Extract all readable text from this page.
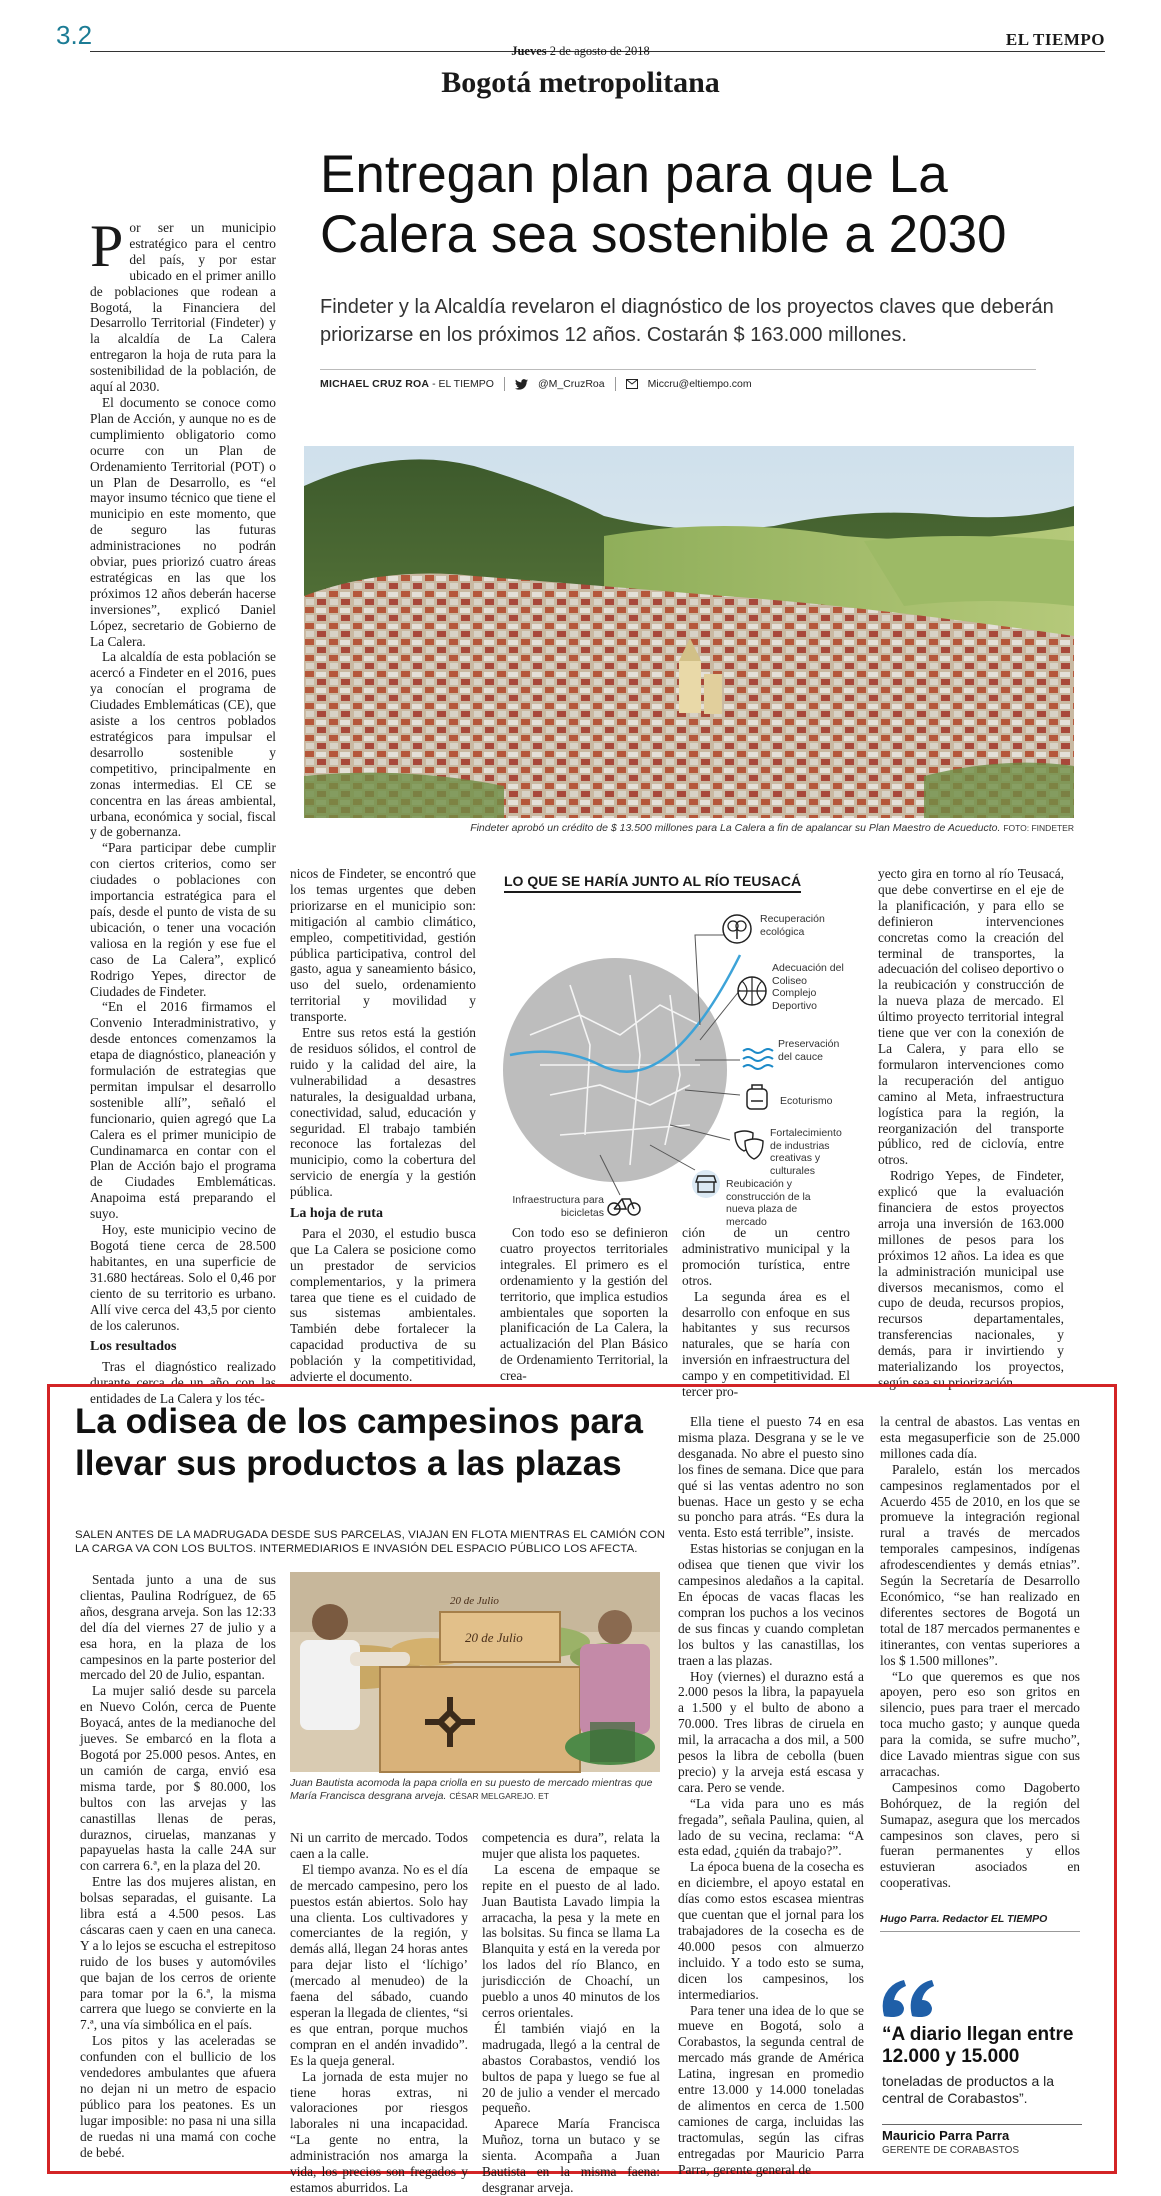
3.2
Jueves 2 de agosto de 2018
EL TIEMPO
Bogotá metropolitana
Entregan plan para que La Calera sea sostenible a 2030
Findeter y la Alcaldía revelaron el diagnóstico de los proyectos claves que deberán priorizarse en los próximos 12 años. Costarán $ 163.000 millones.
MICHAEL CRUZ ROA - EL TIEMPO	@M_CruzRoa	Miccru@eltiempo.com
Findeter aprobó un crédito de $ 13.500 millones para La Calera a fin de apalancar su Plan Maestro de Acueducto. FOTO: FINDETER

Por ser un municipio estratégico para el centro del país, y por estar ubicado en el primer anillo de poblaciones que rodean a Bogotá, la Financiera del Desarrollo Territorial (Findeter) y la alcaldía de La Calera entregaron la hoja de ruta para la sostenibilidad de la población, de aquí al 2030.

El documento se conoce como Plan de Acción, y aunque no es de cumplimiento obligatorio como ocurre con un Plan de Ordenamiento Territorial (POT) o un Plan de Desarrollo, es “el mayor insumo técnico que tiene el municipio en este momento, que de seguro las futuras administraciones no podrán obviar, pues priorizó cuatro áreas estratégicas en las que los próximos 12 años deberán hacerse inversiones”, explicó Daniel López, secretario de Gobierno de La Calera.

La alcaldía de esta población se acercó a Findeter en el 2016, pues ya conocían el programa de Ciudades Emblemáticas (CE), que asiste a los centros poblados estratégicos para impulsar el desarrollo sostenible y competitivo, principalmente en zonas intermedias. El CE se concentra en las áreas ambiental, urbana, económica y social, fiscal y de gobernanza.

“Para participar debe cumplir con ciertos criterios, como ser ciudades o poblaciones con importancia estratégica para el país, desde el punto de vista de su ubicación, o tener una vocación valiosa en la región y ese fue el caso de La Calera”, explicó Rodrigo Yepes, director de Ciudades de Findeter.

“En el 2016 firmamos el Convenio Interadministrativo, y desde entonces comenzamos la etapa de diagnóstico, planeación y formulación de estrategias que permitan impulsar el desarrollo sostenible allí”, señaló el funcionario, quien agregó que La Calera es el primer municipio de Cundinamarca en contar con el Plan de Acción bajo el programa de Ciudades Emblemáticas. Anapoima está preparando el suyo.

Hoy, este municipio vecino de Bogotá tiene cerca de 28.500 habitantes, en una superficie de 31.680 hectáreas. Solo el 0,46 por ciento de su territorio es urbano. Allí vive cerca del 43,5 por ciento de los calerunos.

Los resultados

Tras el diagnóstico realizado durante cerca de un año con las entidades de La Calera y los téc-

nicos de Findeter, se encontró que los temas urgentes que deben priorizarse en el municipio son: mitigación al cambio climático, empleo, competitividad, gestión pública participativa, control del gasto, agua y saneamiento básico, uso del suelo, ordenamiento territorial y movilidad y transporte.

Entre sus retos está la gestión de residuos sólidos, el control de ruido y la calidad del aire, la vulnerabilidad a desastres naturales, la desigualdad urbana, conectividad, salud, educación y seguridad. El trabajo también reconoce las fortalezas del municipio, como la cobertura del servicio de energía y la gestión pública.

La hoja de ruta

Para el 2030, el estudio busca que La Calera se posicione como un prestador de servicios complementarios, y la primera tarea que tiene es el cuidado de sus sistemas ambientales. También debe fortalecer la capacidad productiva de su población y la competitividad, advierte el documento.

LO QUE SE HARÍA JUNTO AL RÍO TEUSACÁ
Recuperación ecológica
Adecuación del Coliseo Complejo Deportivo
Preservación del cauce
Ecoturismo
Fortalecimiento de industrias creativas y culturales
Reubicación y construcción de la nueva plaza de mercado
Infraestructura para bicicletas

Con todo eso se definieron cuatro proyectos territoriales integrales. El primero es el ordenamiento y la gestión del territorio, que implica estudios ambientales que soporten la planificación de La Calera, la actualización del Plan Básico de Ordenamiento Territorial, la crea-

ción de un centro administrativo municipal y la promoción turística, entre otros.

La segunda área es el desarrollo con enfoque en sus habitantes y sus recursos naturales, que se haría con inversión en infraestructura del campo y en competitividad. El tercer pro-

yecto gira en torno al río Teusacá, que debe convertirse en el eje de la planificación, y para ello se definieron intervenciones concretas como la creación del terminal de transportes, la adecuación del coliseo deportivo o la reubicación y construcción de la nueva plaza de mercado. El último proyecto territorial integral tiene que ver con la conexión de La Calera, y para ello se formularon intervenciones como la recuperación del antiguo camino al Meta, infraestructura logística para la región, la reorganización del transporte público, red de ciclovía, entre otros.

Rodrigo Yepes, de Findeter, explicó que la evaluación financiera de estos proyectos arroja una inversión de 163.000 millones de pesos para los próximos 12 años. La idea es que la administración municipal use diversos mecanismos, como el cupo de deuda, recursos propios, recursos departamentales, transferencias nacionales, y demás, para ir invirtiendo y materializando los proyectos, según sea su priorización.

La odisea de los campesinos para llevar sus productos a las plazas
SALEN ANTES DE LA MADRUGADA DESDE SUS PARCELAS, VIAJAN EN FLOTA MIENTRAS EL CAMIÓN CON LA CARGA VA CON LOS BULTOS. INTERMEDIARIOS E INVASIÓN DEL ESPACIO PÚBLICO LOS AFECTA.
20 de Julio
20 de Julio
Juan Bautista acomoda la papa criolla en su puesto de mercado mientras que María Francisca desgrana arveja. CÉSAR MELGAREJO. ET

Sentada junto a una de sus clientas, Paulina Rodríguez, de 65 años, desgrana arveja. Son las 12:33 del día del viernes 27 de julio y a esa hora, en la plaza de los campesinos en la parte posterior del mercado del 20 de Julio, espantan.

La mujer salió desde su parcela en Nuevo Colón, cerca de Puente Boyacá, antes de la medianoche del jueves. Se embarcó en la flota a Bogotá por 25.000 pesos. Antes, en un camión de carga, envió esa misma tarde, por $ 80.000, los bultos con las arvejas y las canastillas llenas de peras, duraznos, ciruelas, manzanas y papayuelas hasta la calle 24A sur con carrera 6.ª, en la plaza del 20.

Entre las dos mujeres alistan, en bolsas separadas, el guisante. La libra está a 4.500 pesos. Las cáscaras caen y caen en una caneca. Y a lo lejos se escucha el estrepitoso ruido de los buses y automóviles que bajan de los cerros de oriente para tomar por la 6.ª, la misma carrera que luego se convierte en la 7.ª, una vía simbólica en el país.

Los pitos y las aceleradas se confunden con el bullicio de los vendedores ambulantes que afuera no dejan ni un metro de espacio público para los peatones. Es un lugar imposible: no pasa ni una silla de ruedas ni una mamá con coche de bebé.

Ni un carrito de mercado. Todos caen a la calle.

El tiempo avanza. No es el día de mercado campesino, pero los puestos están abiertos. Solo hay una clienta. Los cultivadores y comerciantes de la región, y demás allá, llegan 24 horas antes para dejar listo el ‘líchigo’ (mercado al menudeo) de la faena del sábado, cuando esperan la llegada de clientes, “si es que entran, porque muchos compran en el andén invadido”. Es la queja general.

La jornada de esta mujer no tiene horas extras, ni valoraciones por riesgos laborales ni una incapacidad. “La gente no entra, la administración nos amarga la vida, los precios son fregados y estamos aburridos. La

competencia es dura”, relata la mujer que alista los paquetes.

La escena de empaque se repite en el puesto de al lado. Juan Bautista Lavado limpia la arracacha, la pesa y la mete en las bolsitas. Su finca se llama La Blanquita y está en la vereda por los lados del río Blanco, en jurisdicción de Choachí, un pueblo a unos 40 minutos de los cerros orientales.

Él también viajó en la madrugada, llegó a la central de abastos Corabastos, vendió los bultos de papa y luego se fue al 20 de julio a vender el mercado pequeño.

Aparece María Francisca Muñoz, torna un butaco y se sienta. Acompaña a Juan Bautista en la misma faena: desgranar arveja.

Ella tiene el puesto 74 en esa misma plaza. Desgrana y se le ve desganada. No abre el puesto sino los fines de semana. Dice que para qué si las ventas adentro no son buenas. Hace un gesto y se echa su poncho para atrás. “Es dura la venta. Esto está terrible”, insiste.

Estas historias se conjugan en la odisea que tienen que vivir los campesinos aledaños a la capital. En épocas de vacas flacas les compran los puchos a los vecinos de sus fincas y cuando completan los bultos y las canastillas, los traen a las plazas.

Hoy (viernes) el durazno está a 2.000 pesos la libra, la papayuela a 1.500 y el bulto de abono a 70.000. Tres libras de ciruela en mil, la arracacha a dos mil, a 500 pesos la libra de cebolla (buen precio) y la arveja está escasa y cara. Pero se vende.

“La vida para uno es más fregada”, señala Paulina, quien, al lado de su vecina, reclama: “A esta edad, ¿quién da trabajo?”.

La época buena de la cosecha es en diciembre, el apoyo estatal en días como estos escasea mientras que cuentan que el jornal para los trabajadores de la cosecha es de 40.000 pesos con almuerzo incluido. Y a todo esto se suma, dicen los campesinos, los intermediarios.

Para tener una idea de lo que se mueve en Bogotá, solo a Corabastos, la segunda central de mercado más grande de América Latina, ingresan en promedio entre 13.000 y 14.000 toneladas de alimentos en cerca de 1.500 camiones de carga, incluidas las tractomulas, según las cifras entregadas por Mauricio Parra Parra, gerente general de

la central de abastos. Las ventas en esta megasuperficie son de 25.000 millones cada día.

Paralelo, están los mercados campesinos reglamentados por el Acuerdo 455 de 2010, en los que se promueve la integración regional rural a través de mercados temporales campesinos, indígenas afrodescendientes y demás etnias”. Según la Secretaría de Desarrollo Económico, “se han realizado en diferentes sectores de Bogotá un total de 187 mercados permanentes e itinerantes, con ventas superiores a los $ 1.500 millones”.

“Lo que queremos es que nos apoyen, pero eso son gritos en silencio, pues para traer el mercado toca mucho gasto; y aunque queda para la comida, se sufre mucho”, dice Lavado mientras sigue con sus arracachas.

Campesinos como Dagoberto Bohórquez, de la región del Sumapaz, asegura que los mercados campesinos son claves, pero si fueran permanentes y ellos estuvieran asociados en cooperativas.

Hugo Parra. Redactor EL TIEMPO
“A diario llegan entre 12.000 y 15.000
toneladas de productos a la central de Corabastos”.
Mauricio Parra Parra
GERENTE DE CORABASTOS
